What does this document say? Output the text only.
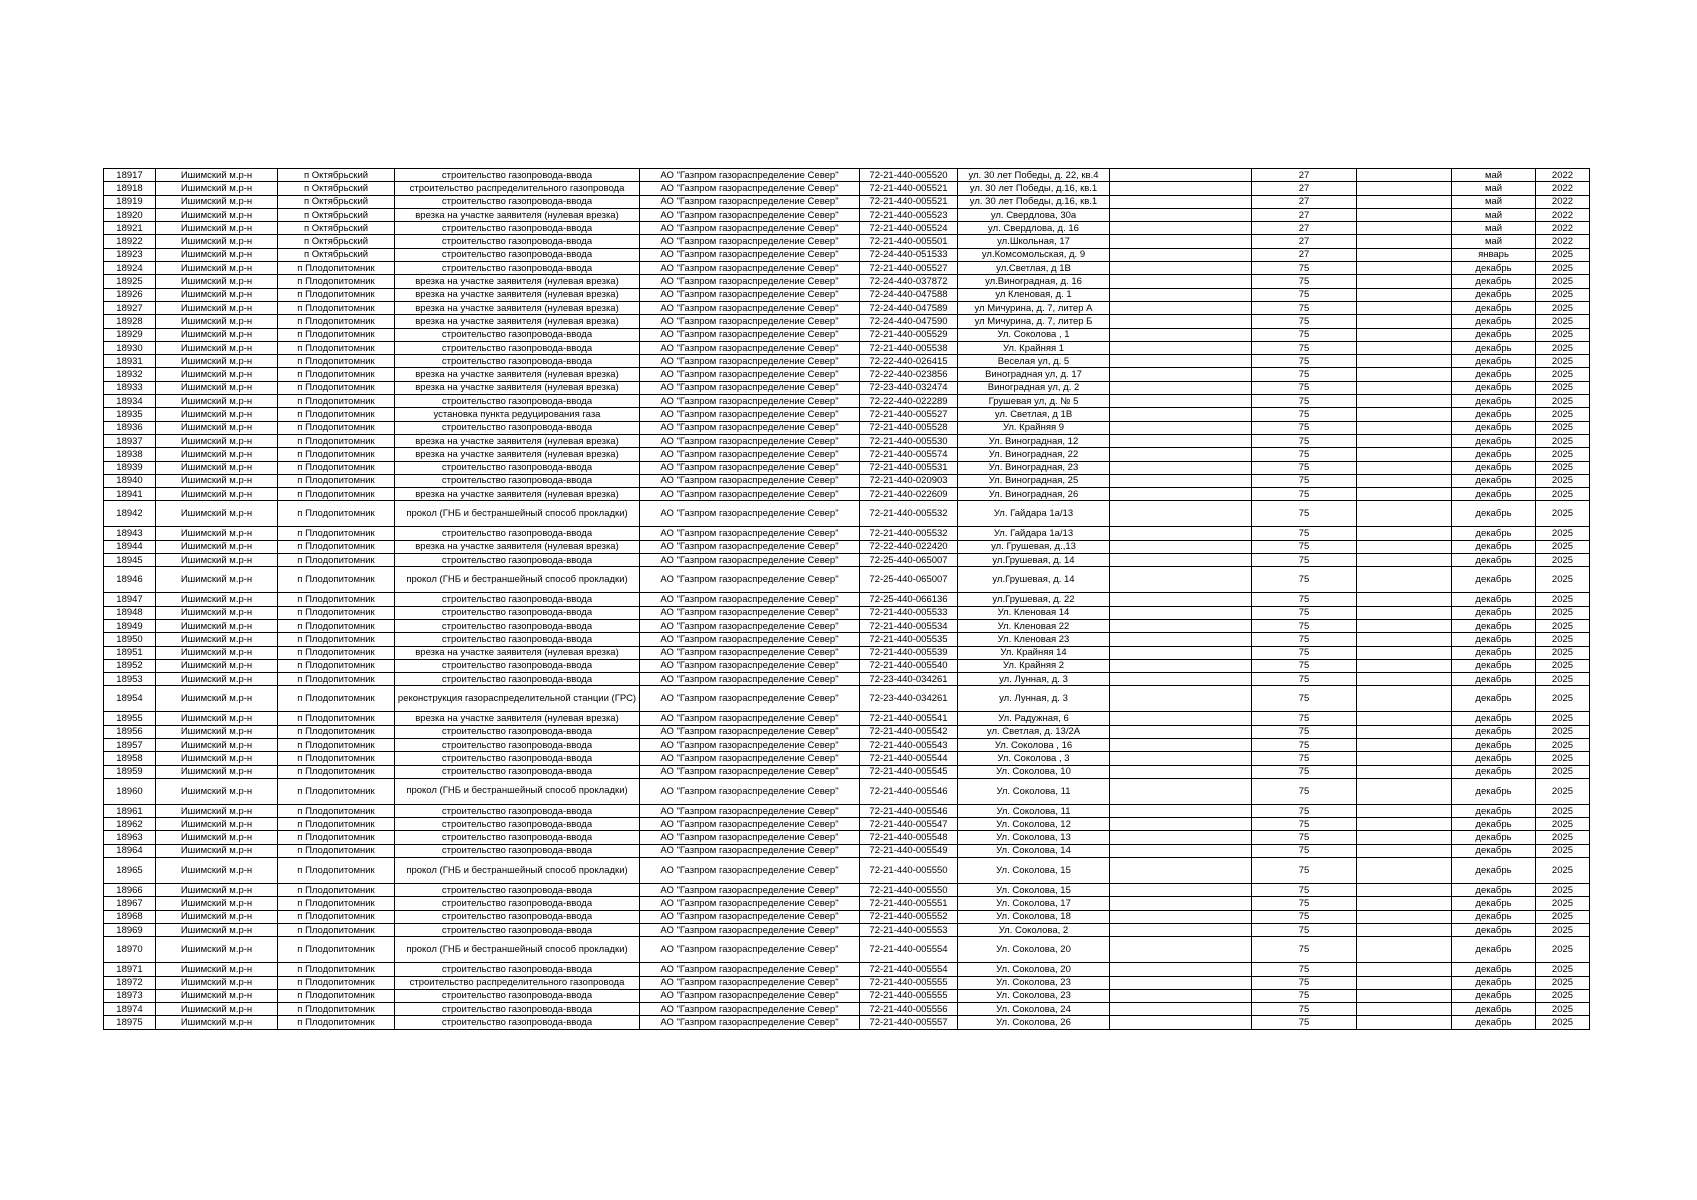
18917	Ишимский м.р-н	п Октябрьский	строительство газопровода-ввода	АО "Газпром газораспределение Север"	72-21-440-005520	ул. 30 лет Победы, д. 22, кв.4		27		май	2022
18918	Ишимский м.р-н	п Октябрьский	строительство распределительного газопровода	АО "Газпром газораспределение Север"	72-21-440-005521	ул. 30 лет Победы, д.16, кв.1		27		май	2022
18919	Ишимский м.р-н	п Октябрьский	строительство газопровода-ввода	АО "Газпром газораспределение Север"	72-21-440-005521	ул. 30 лет Победы, д.16, кв.1		27		май	2022
18920	Ишимский м.р-н	п Октябрьский	врезка на участке заявителя (нулевая врезка)	АО "Газпром газораспределение Север"	72-21-440-005523	ул. Свердлова, 30а		27		май	2022
18921	Ишимский м.р-н	п Октябрьский	строительство газопровода-ввода	АО "Газпром газораспределение Север"	72-21-440-005524	ул. Свердлова, д. 16		27		май	2022
18922	Ишимский м.р-н	п Октябрьский	строительство газопровода-ввода	АО "Газпром газораспределение Север"	72-21-440-005501	ул.Школьная, 17		27		май	2022
18923	Ишимский м.р-н	п Октябрьский	строительство газопровода-ввода	АО "Газпром газораспределение Север"	72-24-440-051533	ул.Комсомольская, д. 9		27		январь	2025
18924	Ишимский м.р-н	п Плодопитомник	строительство газопровода-ввода	АО "Газпром газораспределение Север"	72-21-440-005527	ул.Светлая, д 1В		75		декабрь	2025
18925	Ишимский м.р-н	п Плодопитомник	врезка на участке заявителя (нулевая врезка)	АО "Газпром газораспределение Север"	72-24-440-037872	ул.Виноградная, д. 16		75		декабрь	2025
18926	Ишимский м.р-н	п Плодопитомник	врезка на участке заявителя (нулевая врезка)	АО "Газпром газораспределение Север"	72-24-440-047588	ул Кленовая, д. 1		75		декабрь	2025
18927	Ишимский м.р-н	п Плодопитомник	врезка на участке заявителя (нулевая врезка)	АО "Газпром газораспределение Север"	72-24-440-047589	ул Мичурина, д. 7, литер А		75		декабрь	2025
18928	Ишимский м.р-н	п Плодопитомник	врезка на участке заявителя (нулевая врезка)	АО "Газпром газораспределение Север"	72-24-440-047590	ул Мичурина, д. 7, литер Б		75		декабрь	2025
18929	Ишимский м.р-н	п Плодопитомник	строительство газопровода-ввода	АО "Газпром газораспределение Север"	72-21-440-005529	Ул. Соколова , 1		75		декабрь	2025
18930	Ишимский м.р-н	п Плодопитомник	строительство газопровода-ввода	АО "Газпром газораспределение Север"	72-21-440-005538	Ул. Крайняя 1		75		декабрь	2025
18931	Ишимский м.р-н	п Плодопитомник	строительство газопровода-ввода	АО "Газпром газораспределение Север"	72-22-440-026415	Веселая ул, д. 5		75		декабрь	2025
18932	Ишимский м.р-н	п Плодопитомник	врезка на участке заявителя (нулевая врезка)	АО "Газпром газораспределение Север"	72-22-440-023856	Виноградная ул, д. 17		75		декабрь	2025
18933	Ишимский м.р-н	п Плодопитомник	врезка на участке заявителя (нулевая врезка)	АО "Газпром газораспределение Север"	72-23-440-032474	Виноградная ул, д. 2		75		декабрь	2025
18934	Ишимский м.р-н	п Плодопитомник	строительство газопровода-ввода	АО "Газпром газораспределение Север"	72-22-440-022289	Грушевая ул, д. № 5		75		декабрь	2025
18935	Ишимский м.р-н	п Плодопитомник	установка пункта редуцирования газа	АО "Газпром газораспределение Север"	72-21-440-005527	ул. Светлая, д 1В		75		декабрь	2025
18936	Ишимский м.р-н	п Плодопитомник	строительство газопровода-ввода	АО "Газпром газораспределение Север"	72-21-440-005528	Ул. Крайняя 9		75		декабрь	2025
18937	Ишимский м.р-н	п Плодопитомник	врезка на участке заявителя (нулевая врезка)	АО "Газпром газораспределение Север"	72-21-440-005530	Ул. Виноградная, 12		75		декабрь	2025
18938	Ишимский м.р-н	п Плодопитомник	врезка на участке заявителя (нулевая врезка)	АО "Газпром газораспределение Север"	72-21-440-005574	Ул. Виноградная, 22		75		декабрь	2025
18939	Ишимский м.р-н	п Плодопитомник	строительство газопровода-ввода	АО "Газпром газораспределение Север"	72-21-440-005531	Ул. Виноградная, 23		75		декабрь	2025
18940	Ишимский м.р-н	п Плодопитомник	строительство газопровода-ввода	АО "Газпром газораспределение Север"	72-21-440-020903	Ул. Виноградная, 25		75		декабрь	2025
18941	Ишимский м.р-н	п Плодопитомник	врезка на участке заявителя (нулевая врезка)	АО "Газпром газораспределение Север"	72-21-440-022609	Ул. Виноградная, 26		75		декабрь	2025
18942	Ишимский м.р-н	п Плодопитомник	прокол (ГНБ и бестраншейный способ прокладки)	АО "Газпром газораспределение Север"	72-21-440-005532	Ул. Гайдара 1а/13		75		декабрь	2025
18943	Ишимский м.р-н	п Плодопитомник	строительство газопровода-ввода	АО "Газпром газораспределение Север"	72-21-440-005532	Ул. Гайдара 1а/13		75		декабрь	2025
18944	Ишимский м.р-н	п Плодопитомник	врезка на участке заявителя (нулевая врезка)	АО "Газпром газораспределение Север"	72-22-440-022420	ул. Грушевая, д.,13		75		декабрь	2025
18945	Ишимский м.р-н	п Плодопитомник	строительство газопровода-ввода	АО "Газпром газораспределение Север"	72-25-440-065007	ул.Грушевая, д. 14		75		декабрь	2025
18946	Ишимский м.р-н	п Плодопитомник	прокол (ГНБ и бестраншейный способ прокладки)	АО "Газпром газораспределение Север"	72-25-440-065007	ул.Грушевая, д. 14		75		декабрь	2025
18947	Ишимский м.р-н	п Плодопитомник	строительство газопровода-ввода	АО "Газпром газораспределение Север"	72-25-440-066136	ул.Грушевая, д. 22		75		декабрь	2025
18948	Ишимский м.р-н	п Плодопитомник	строительство газопровода-ввода	АО "Газпром газораспределение Север"	72-21-440-005533	Ул. Кленовая 14		75		декабрь	2025
18949	Ишимский м.р-н	п Плодопитомник	строительство газопровода-ввода	АО "Газпром газораспределение Север"	72-21-440-005534	Ул. Кленовая 22		75		декабрь	2025
18950	Ишимский м.р-н	п Плодопитомник	строительство газопровода-ввода	АО "Газпром газораспределение Север"	72-21-440-005535	Ул. Кленовая 23		75		декабрь	2025
18951	Ишимский м.р-н	п Плодопитомник	врезка на участке заявителя (нулевая врезка)	АО "Газпром газораспределение Север"	72-21-440-005539	Ул. Крайняя 14		75		декабрь	2025
18952	Ишимский м.р-н	п Плодопитомник	строительство газопровода-ввода	АО "Газпром газораспределение Север"	72-21-440-005540	Ул. Крайняя 2		75		декабрь	2025
18953	Ишимский м.р-н	п Плодопитомник	строительство газопровода-ввода	АО "Газпром газораспределение Север"	72-23-440-034261	ул. Лунная, д. 3		75		декабрь	2025
18954	Ишимский м.р-н	п Плодопитомник	реконструкция газораспределительной станции (ГРС)	АО "Газпром газораспределение Север"	72-23-440-034261	ул. Лунная, д. 3		75		декабрь	2025
18955	Ишимский м.р-н	п Плодопитомник	врезка на участке заявителя (нулевая врезка)	АО "Газпром газораспределение Север"	72-21-440-005541	Ул. Радужная, 6		75		декабрь	2025
18956	Ишимский м.р-н	п Плодопитомник	строительство газопровода-ввода	АО "Газпром газораспределение Север"	72-21-440-005542	ул. Светлая, д. 13/2А		75		декабрь	2025
18957	Ишимский м.р-н	п Плодопитомник	строительство газопровода-ввода	АО "Газпром газораспределение Север"	72-21-440-005543	Ул. Соколова , 16		75		декабрь	2025
18958	Ишимский м.р-н	п Плодопитомник	строительство газопровода-ввода	АО "Газпром газораспределение Север"	72-21-440-005544	Ул. Соколова , 3		75		декабрь	2025
18959	Ишимский м.р-н	п Плодопитомник	строительство газопровода-ввода	АО "Газпром газораспределение Север"	72-21-440-005545	Ул. Соколова, 10		75		декабрь	2025
18960	Ишимский м.р-н	п Плодопитомник	прокол (ГНБ и бестраншейный способ прокладки)	АО "Газпром газораспределение Север"	72-21-440-005546	Ул. Соколова, 11		75		декабрь	2025
18961	Ишимский м.р-н	п Плодопитомник	строительство газопровода-ввода	АО "Газпром газораспределение Север"	72-21-440-005546	Ул. Соколова, 11		75		декабрь	2025
18962	Ишимский м.р-н	п Плодопитомник	строительство газопровода-ввода	АО "Газпром газораспределение Север"	72-21-440-005547	Ул. Соколова, 12		75		декабрь	2025
18963	Ишимский м.р-н	п Плодопитомник	строительство газопровода-ввода	АО "Газпром газораспределение Север"	72-21-440-005548	Ул. Соколова, 13		75		декабрь	2025
18964	Ишимский м.р-н	п Плодопитомник	строительство газопровода-ввода	АО "Газпром газораспределение Север"	72-21-440-005549	Ул. Соколова, 14		75		декабрь	2025
18965	Ишимский м.р-н	п Плодопитомник	прокол (ГНБ и бестраншейный способ прокладки)	АО "Газпром газораспределение Север"	72-21-440-005550	Ул. Соколова, 15		75		декабрь	2025
18966	Ишимский м.р-н	п Плодопитомник	строительство газопровода-ввода	АО "Газпром газораспределение Север"	72-21-440-005550	Ул. Соколова, 15		75		декабрь	2025
18967	Ишимский м.р-н	п Плодопитомник	строительство газопровода-ввода	АО "Газпром газораспределение Север"	72-21-440-005551	Ул. Соколова, 17		75		декабрь	2025
18968	Ишимский м.р-н	п Плодопитомник	строительство газопровода-ввода	АО "Газпром газораспределение Север"	72-21-440-005552	Ул. Соколова, 18		75		декабрь	2025
18969	Ишимский м.р-н	п Плодопитомник	строительство газопровода-ввода	АО "Газпром газораспределение Север"	72-21-440-005553	Ул. Соколова, 2		75		декабрь	2025
18970	Ишимский м.р-н	п Плодопитомник	прокол (ГНБ и бестраншейный способ прокладки)	АО "Газпром газораспределение Север"	72-21-440-005554	Ул. Соколова, 20		75		декабрь	2025
18971	Ишимский м.р-н	п Плодопитомник	строительство газопровода-ввода	АО "Газпром газораспределение Север"	72-21-440-005554	Ул. Соколова, 20		75		декабрь	2025
18972	Ишимский м.р-н	п Плодопитомник	строительство распределительного газопровода	АО "Газпром газораспределение Север"	72-21-440-005555	Ул. Соколова, 23		75		декабрь	2025
18973	Ишимский м.р-н	п Плодопитомник	строительство газопровода-ввода	АО "Газпром газораспределение Север"	72-21-440-005555	Ул. Соколова, 23		75		декабрь	2025
18974	Ишимский м.р-н	п Плодопитомник	строительство газопровода-ввода	АО "Газпром газораспределение Север"	72-21-440-005556	Ул. Соколова, 24		75		декабрь	2025
18975	Ишимский м.р-н	п Плодопитомник	строительство газопровода-ввода	АО "Газпром газораспределение Север"	72-21-440-005557	Ул. Соколова, 26		75		декабрь	2025
